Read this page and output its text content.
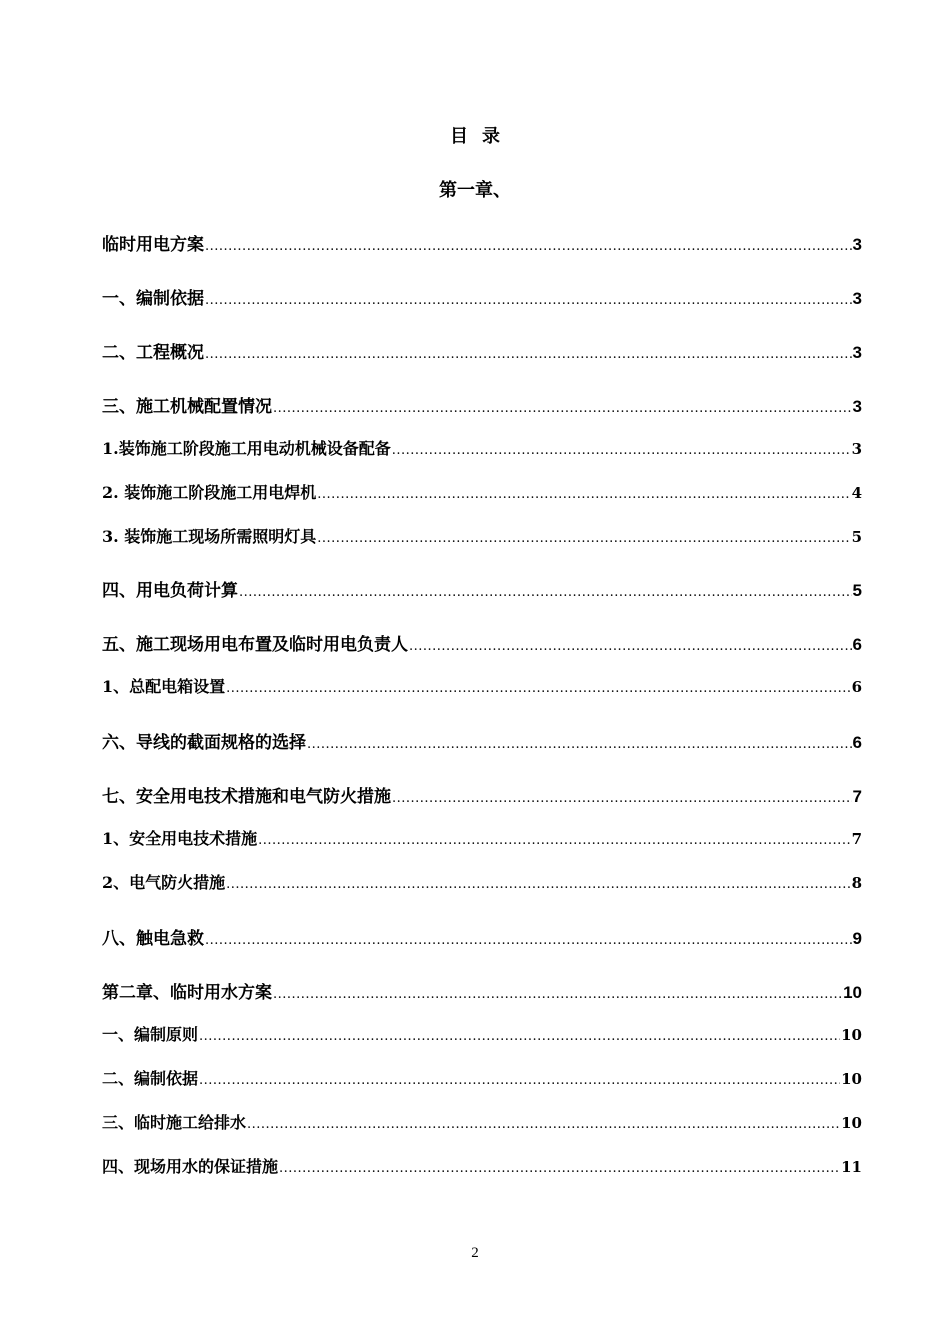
目录
第一章、
临时用电方案 .....	3
一、编制依据 .....	3
二、工程概况 .....	3
三、施工机械配置情况 .....	3
1.装饰施工阶段施工用电动机械设备配备 .....	3
2. 装饰施工阶段施工用电焊机 .....	4
3. 装饰施工现场所需照明灯具 .....	5
四、用电负荷计算 .....	5
五、施工现场用电布置及临时用电负责人 .....	6
1、总配电箱设置 .....	6
六、导线的截面规格的选择 .....	6
七、安全用电技术措施和电气防火措施 .....	7
1、安全用电技术措施 .....	7
2、电气防火措施 .....	8
八、触电急救 .....	9
第二章、临时用水方案 .....	10
一、编制原则 .....	10
二、编制依据 .....	10
三、临时施工给排水 .....	10
四、现场用水的保证措施 .....	11
2
